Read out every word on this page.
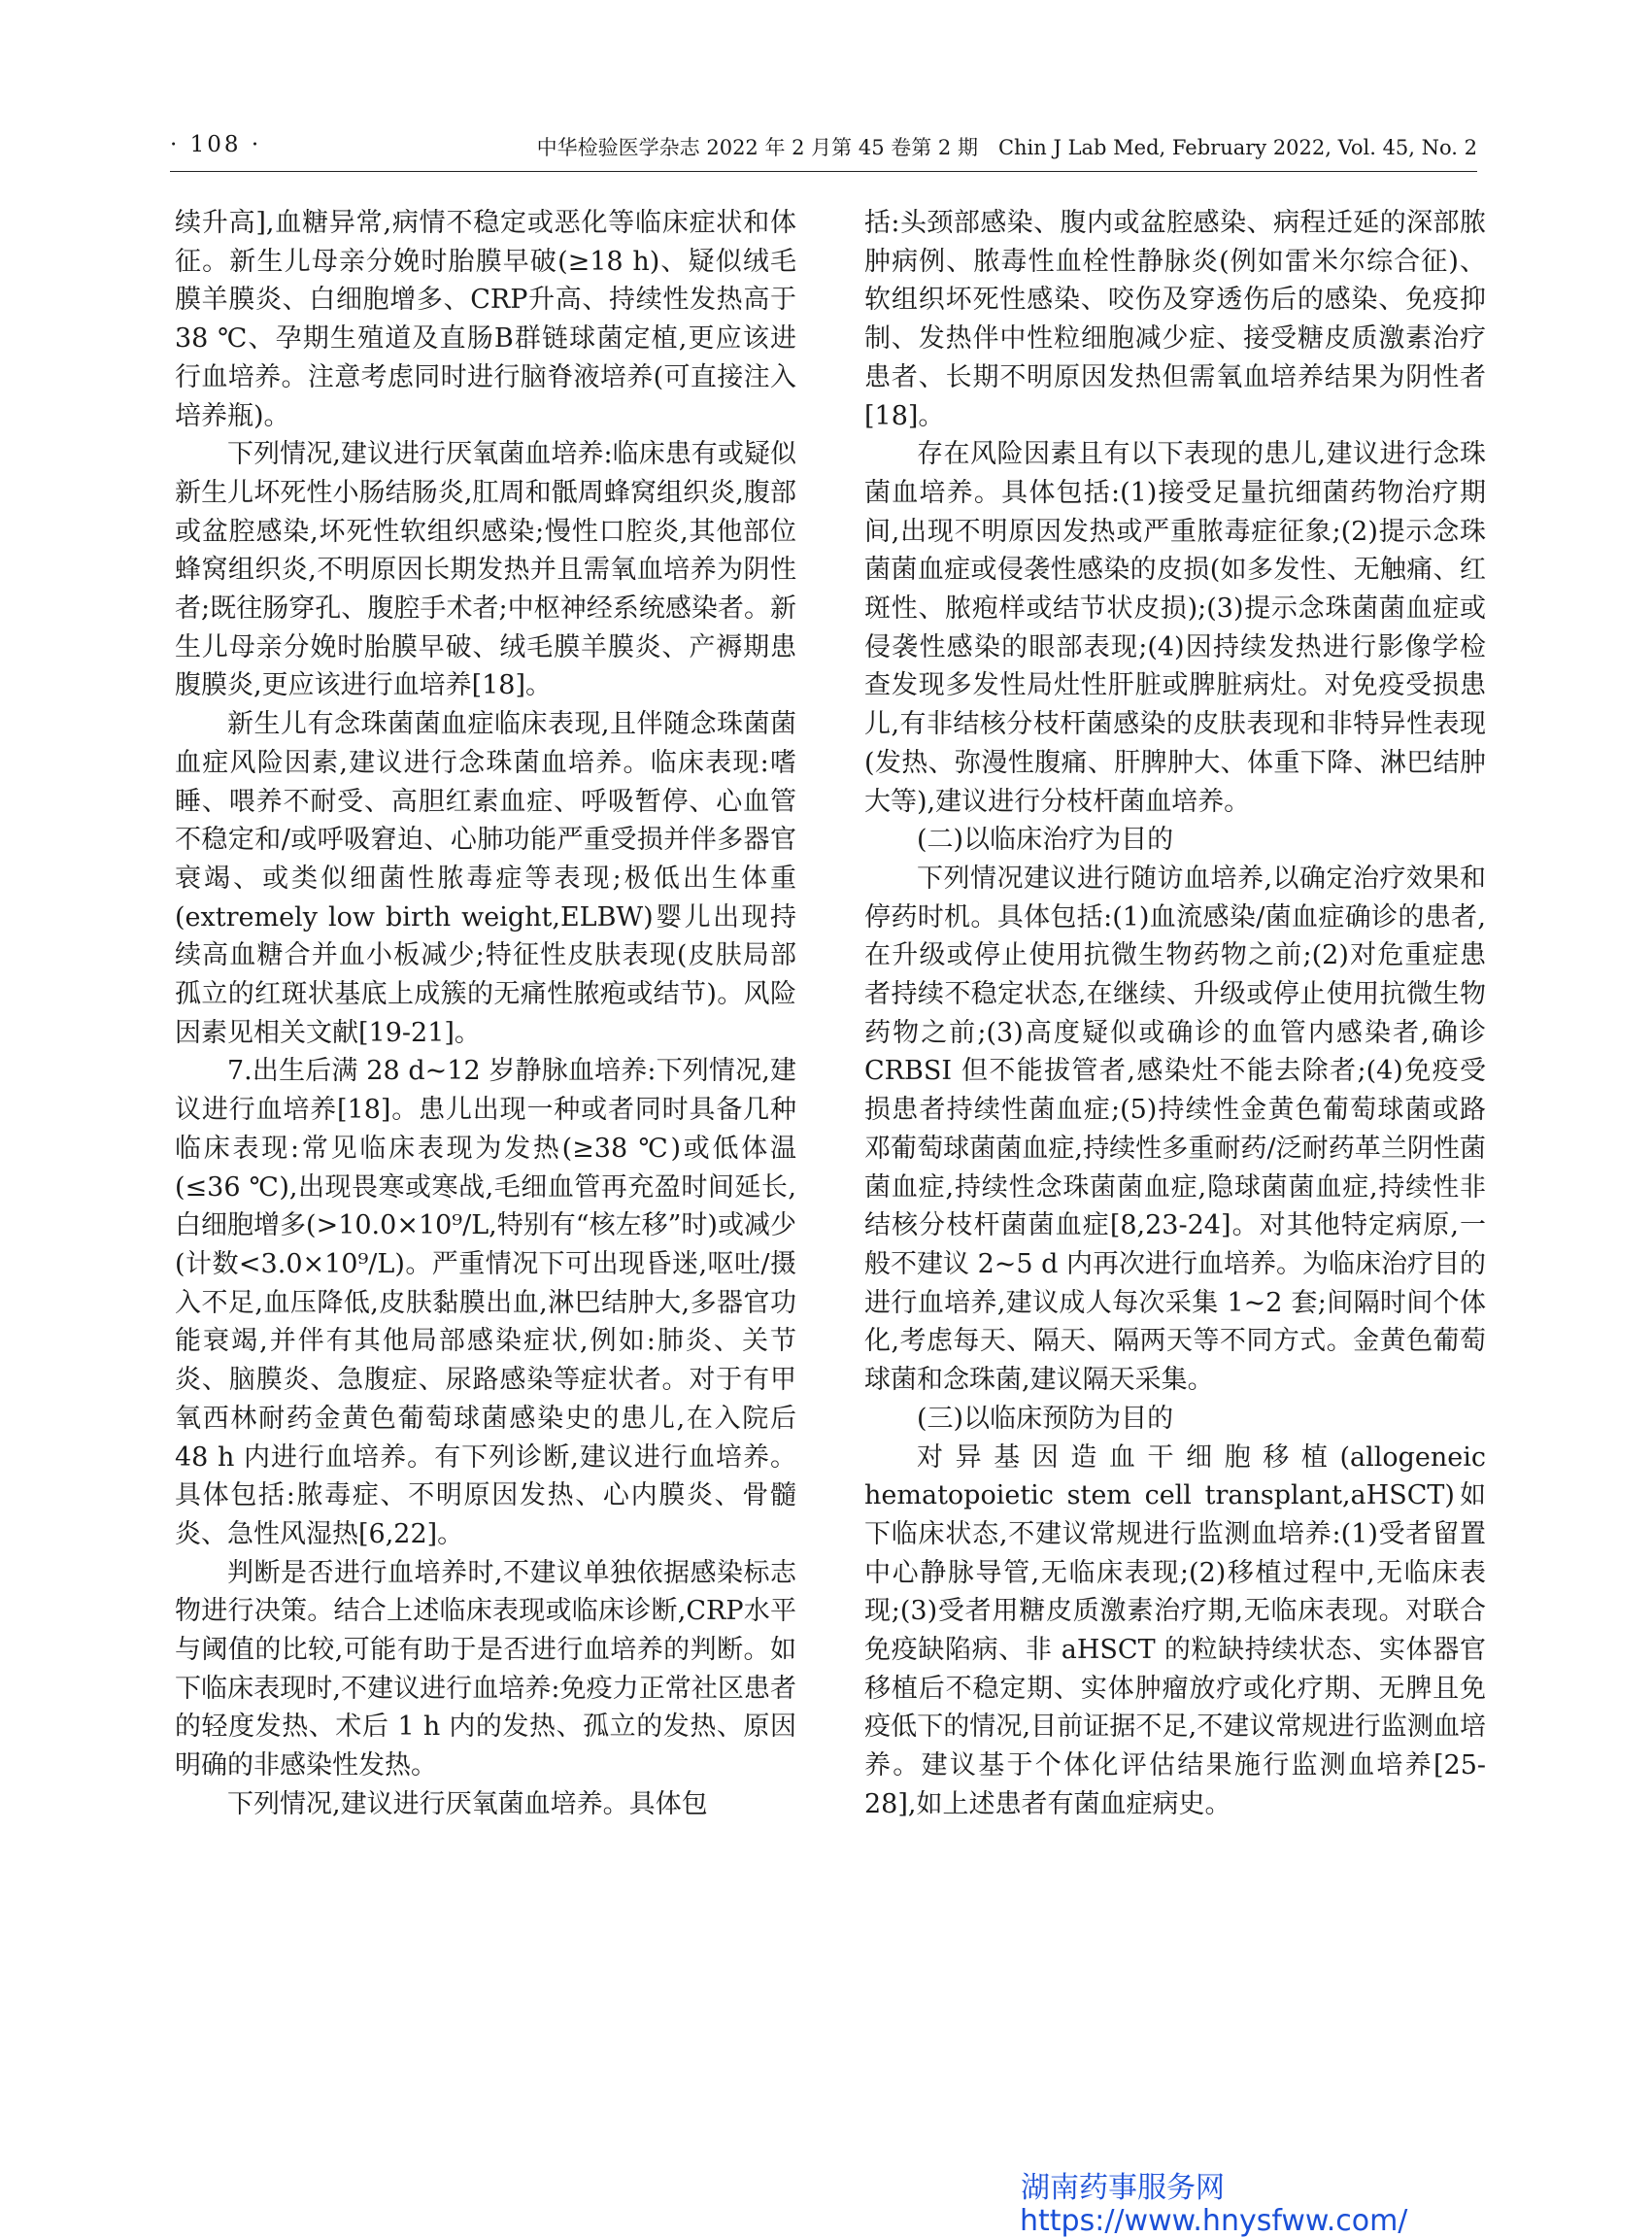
· 108 ·	中华检验医学杂志 2022 年 2 月第 45 卷第 2 期　Chin J Lab Med, February 2022, Vol. 45, No. 2

续升高],血糖异常,病情不稳定或恶化等临床症状和体征。新生儿母亲分娩时胎膜早破(≥18 h)、疑似绒毛膜羊膜炎、白细胞增多、CRP升高、持续性发热高于 38 ℃、孕期生殖道及直肠B群链球菌定植,更应该进行血培养。注意考虑同时进行脑脊液培养(可直接注入培养瓶)。

下列情况,建议进行厌氧菌血培养:临床患有或疑似新生儿坏死性小肠结肠炎,肛周和骶周蜂窝组织炎,腹部或盆腔感染,坏死性软组织感染;慢性口腔炎,其他部位蜂窝组织炎,不明原因长期发热并且需氧血培养为阴性者;既往肠穿孔、腹腔手术者;中枢神经系统感染者。新生儿母亲分娩时胎膜早破、绒毛膜羊膜炎、产褥期患腹膜炎,更应该进行血培养[18]。

新生儿有念珠菌菌血症临床表现,且伴随念珠菌菌血症风险因素,建议进行念珠菌血培养。临床表现:嗜睡、喂养不耐受、高胆红素血症、呼吸暂停、心血管不稳定和/或呼吸窘迫、心肺功能严重受损并伴多器官衰竭、或类似细菌性脓毒症等表现;极低出生体重(extremely low birth weight,ELBW)婴儿出现持续高血糖合并血小板减少;特征性皮肤表现(皮肤局部孤立的红斑状基底上成簇的无痛性脓疱或结节)。风险因素见相关文献[19-21]。

7.出生后满 28 d~12 岁静脉血培养:下列情况,建议进行血培养[18]。患儿出现一种或者同时具备几种临床表现:常见临床表现为发热(≥38 ℃)或低体温(≤36 ℃),出现畏寒或寒战,毛细血管再充盈时间延长,白细胞增多(>10.0×10⁹/L,特别有“核左移”时)或减少(计数<3.0×10⁹/L)。严重情况下可出现昏迷,呕吐/摄入不足,血压降低,皮肤黏膜出血,淋巴结肿大,多器官功能衰竭,并伴有其他局部感染症状,例如:肺炎、关节炎、脑膜炎、急腹症、尿路感染等症状者。对于有甲氧西林耐药金黄色葡萄球菌感染史的患儿,在入院后 48 h 内进行血培养。有下列诊断,建议进行血培养。具体包括:脓毒症、不明原因发热、心内膜炎、骨髓炎、急性风湿热[6,22]。

判断是否进行血培养时,不建议单独依据感染标志物进行决策。结合上述临床表现或临床诊断,CRP水平与阈值的比较,可能有助于是否进行血培养的判断。如下临床表现时,不建议进行血培养:免疫力正常社区患者的轻度发热、术后 1 h 内的发热、孤立的发热、原因明确的非感染性发热。

下列情况,建议进行厌氧菌血培养。具体包

括:头颈部感染、腹内或盆腔感染、病程迁延的深部脓肿病例、脓毒性血栓性静脉炎(例如雷米尔综合征)、软组织坏死性感染、咬伤及穿透伤后的感染、免疫抑制、发热伴中性粒细胞减少症、接受糖皮质激素治疗患者、长期不明原因发热但需氧血培养结果为阴性者[18]。

存在风险因素且有以下表现的患儿,建议进行念珠菌血培养。具体包括:(1)接受足量抗细菌药物治疗期间,出现不明原因发热或严重脓毒症征象;(2)提示念珠菌菌血症或侵袭性感染的皮损(如多发性、无触痛、红斑性、脓疱样或结节状皮损);(3)提示念珠菌菌血症或侵袭性感染的眼部表现;(4)因持续发热进行影像学检查发现多发性局灶性肝脏或脾脏病灶。对免疫受损患儿,有非结核分枝杆菌感染的皮肤表现和非特异性表现(发热、弥漫性腹痛、肝脾肿大、体重下降、淋巴结肿大等),建议进行分枝杆菌血培养。

(二)以临床治疗为目的

下列情况建议进行随访血培养,以确定治疗效果和停药时机。具体包括:(1)血流感染/菌血症确诊的患者,在升级或停止使用抗微生物药物之前;(2)对危重症患者持续不稳定状态,在继续、升级或停止使用抗微生物药物之前;(3)高度疑似或确诊的血管内感染者,确诊 CRBSI 但不能拔管者,感染灶不能去除者;(4)免疫受损患者持续性菌血症;(5)持续性金黄色葡萄球菌或路邓葡萄球菌菌血症,持续性多重耐药/泛耐药革兰阴性菌菌血症,持续性念珠菌菌血症,隐球菌菌血症,持续性非结核分枝杆菌菌血症[8,23-24]。对其他特定病原,一般不建议 2~5 d 内再次进行血培养。为临床治疗目的进行血培养,建议成人每次采集 1~2 套;间隔时间个体化,考虑每天、隔天、隔两天等不同方式。金黄色葡萄球菌和念珠菌,建议隔天采集。

(三)以临床预防为目的

对异基因造血干细胞移植(allogeneic hematopoietic stem cell transplant,aHSCT)如下临床状态,不建议常规进行监测血培养:(1)受者留置中心静脉导管,无临床表现;(2)移植过程中,无临床表现;(3)受者用糖皮质激素治疗期,无临床表现。对联合免疫缺陷病、非 aHSCT 的粒缺持续状态、实体器官移植后不稳定期、实体肿瘤放疗或化疗期、无脾且免疫低下的情况,目前证据不足,不建议常规进行监测血培养。建议基于个体化评估结果施行监测血培养[25-28],如上述患者有菌血症病史。

湖南药事服务网
https://www.hnysfww.com/
